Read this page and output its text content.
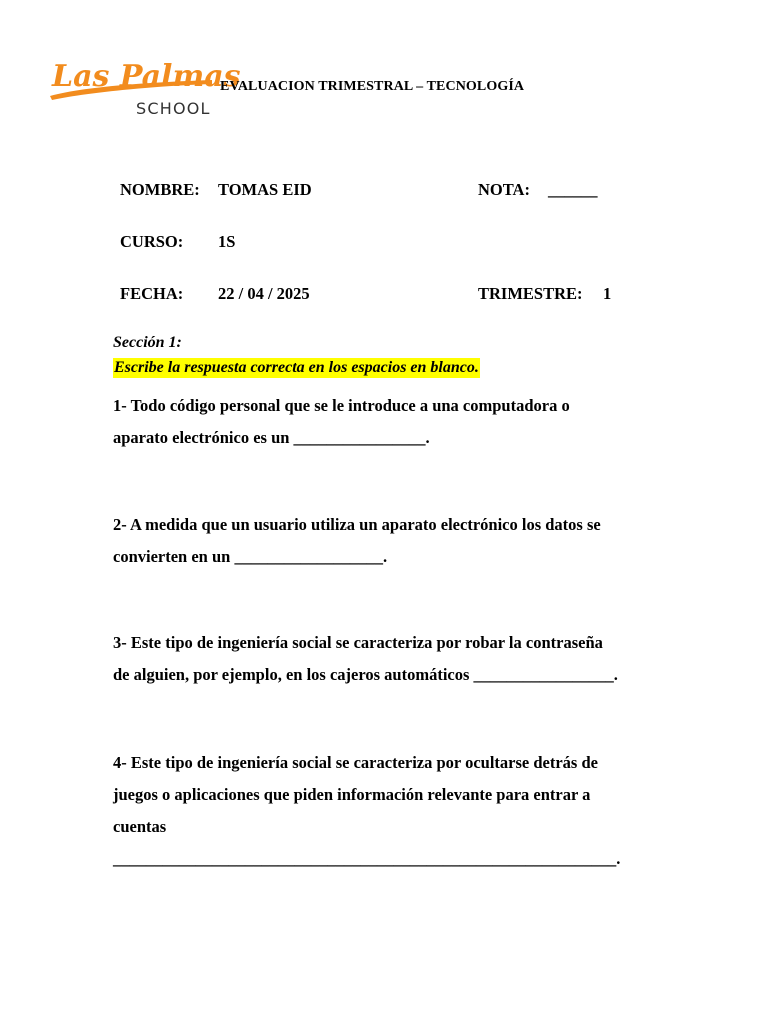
Las Palmas
SCHOOL
EVALUACION TRIMESTRAL – TECNOLOGÍA
NOMBRE: TOMAS EID	NOTA: ______
CURSO: 1S
FECHA: 22 / 04 / 2025	TRIMESTRE: 1
Sección 1:
Escribe la respuesta correcta en los espacios en blanco.
1- Todo código personal que se le introduce a una computadora o
aparato electrónico es un ________________.
2- A medida que un usuario utiliza un aparato electrónico los datos se
convierten en un __________________.
3- Este tipo de ingeniería social se caracteriza por robar la contraseña
de alguien, por ejemplo, en los cajeros automáticos _________________.
4- Este tipo de ingeniería social se caracteriza por ocultarse detrás de
juegos o aplicaciones que piden información relevante para entrar a
cuentas
_____________________________________________________________.
